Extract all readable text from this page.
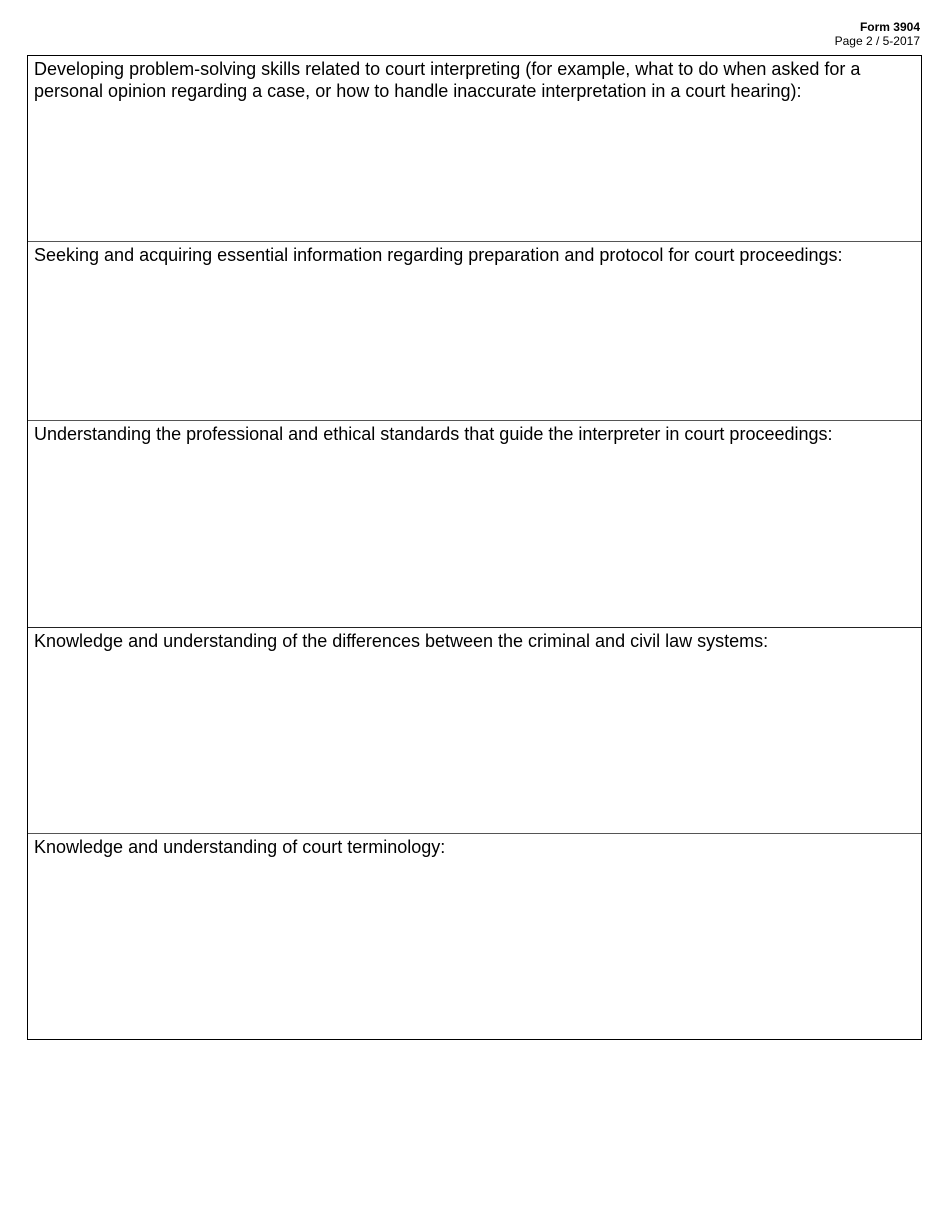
Form 3904
Page 2 / 5-2017
Developing problem-solving skills related to court interpreting (for example, what to do when asked for a personal opinion regarding a case, or how to handle inaccurate interpretation in a court hearing):
Seeking and acquiring essential information regarding preparation and protocol for court proceedings:
Understanding the professional and ethical standards that guide the interpreter in court proceedings:
Knowledge and understanding of the differences between the criminal and civil law systems:
Knowledge and understanding of court terminology:
